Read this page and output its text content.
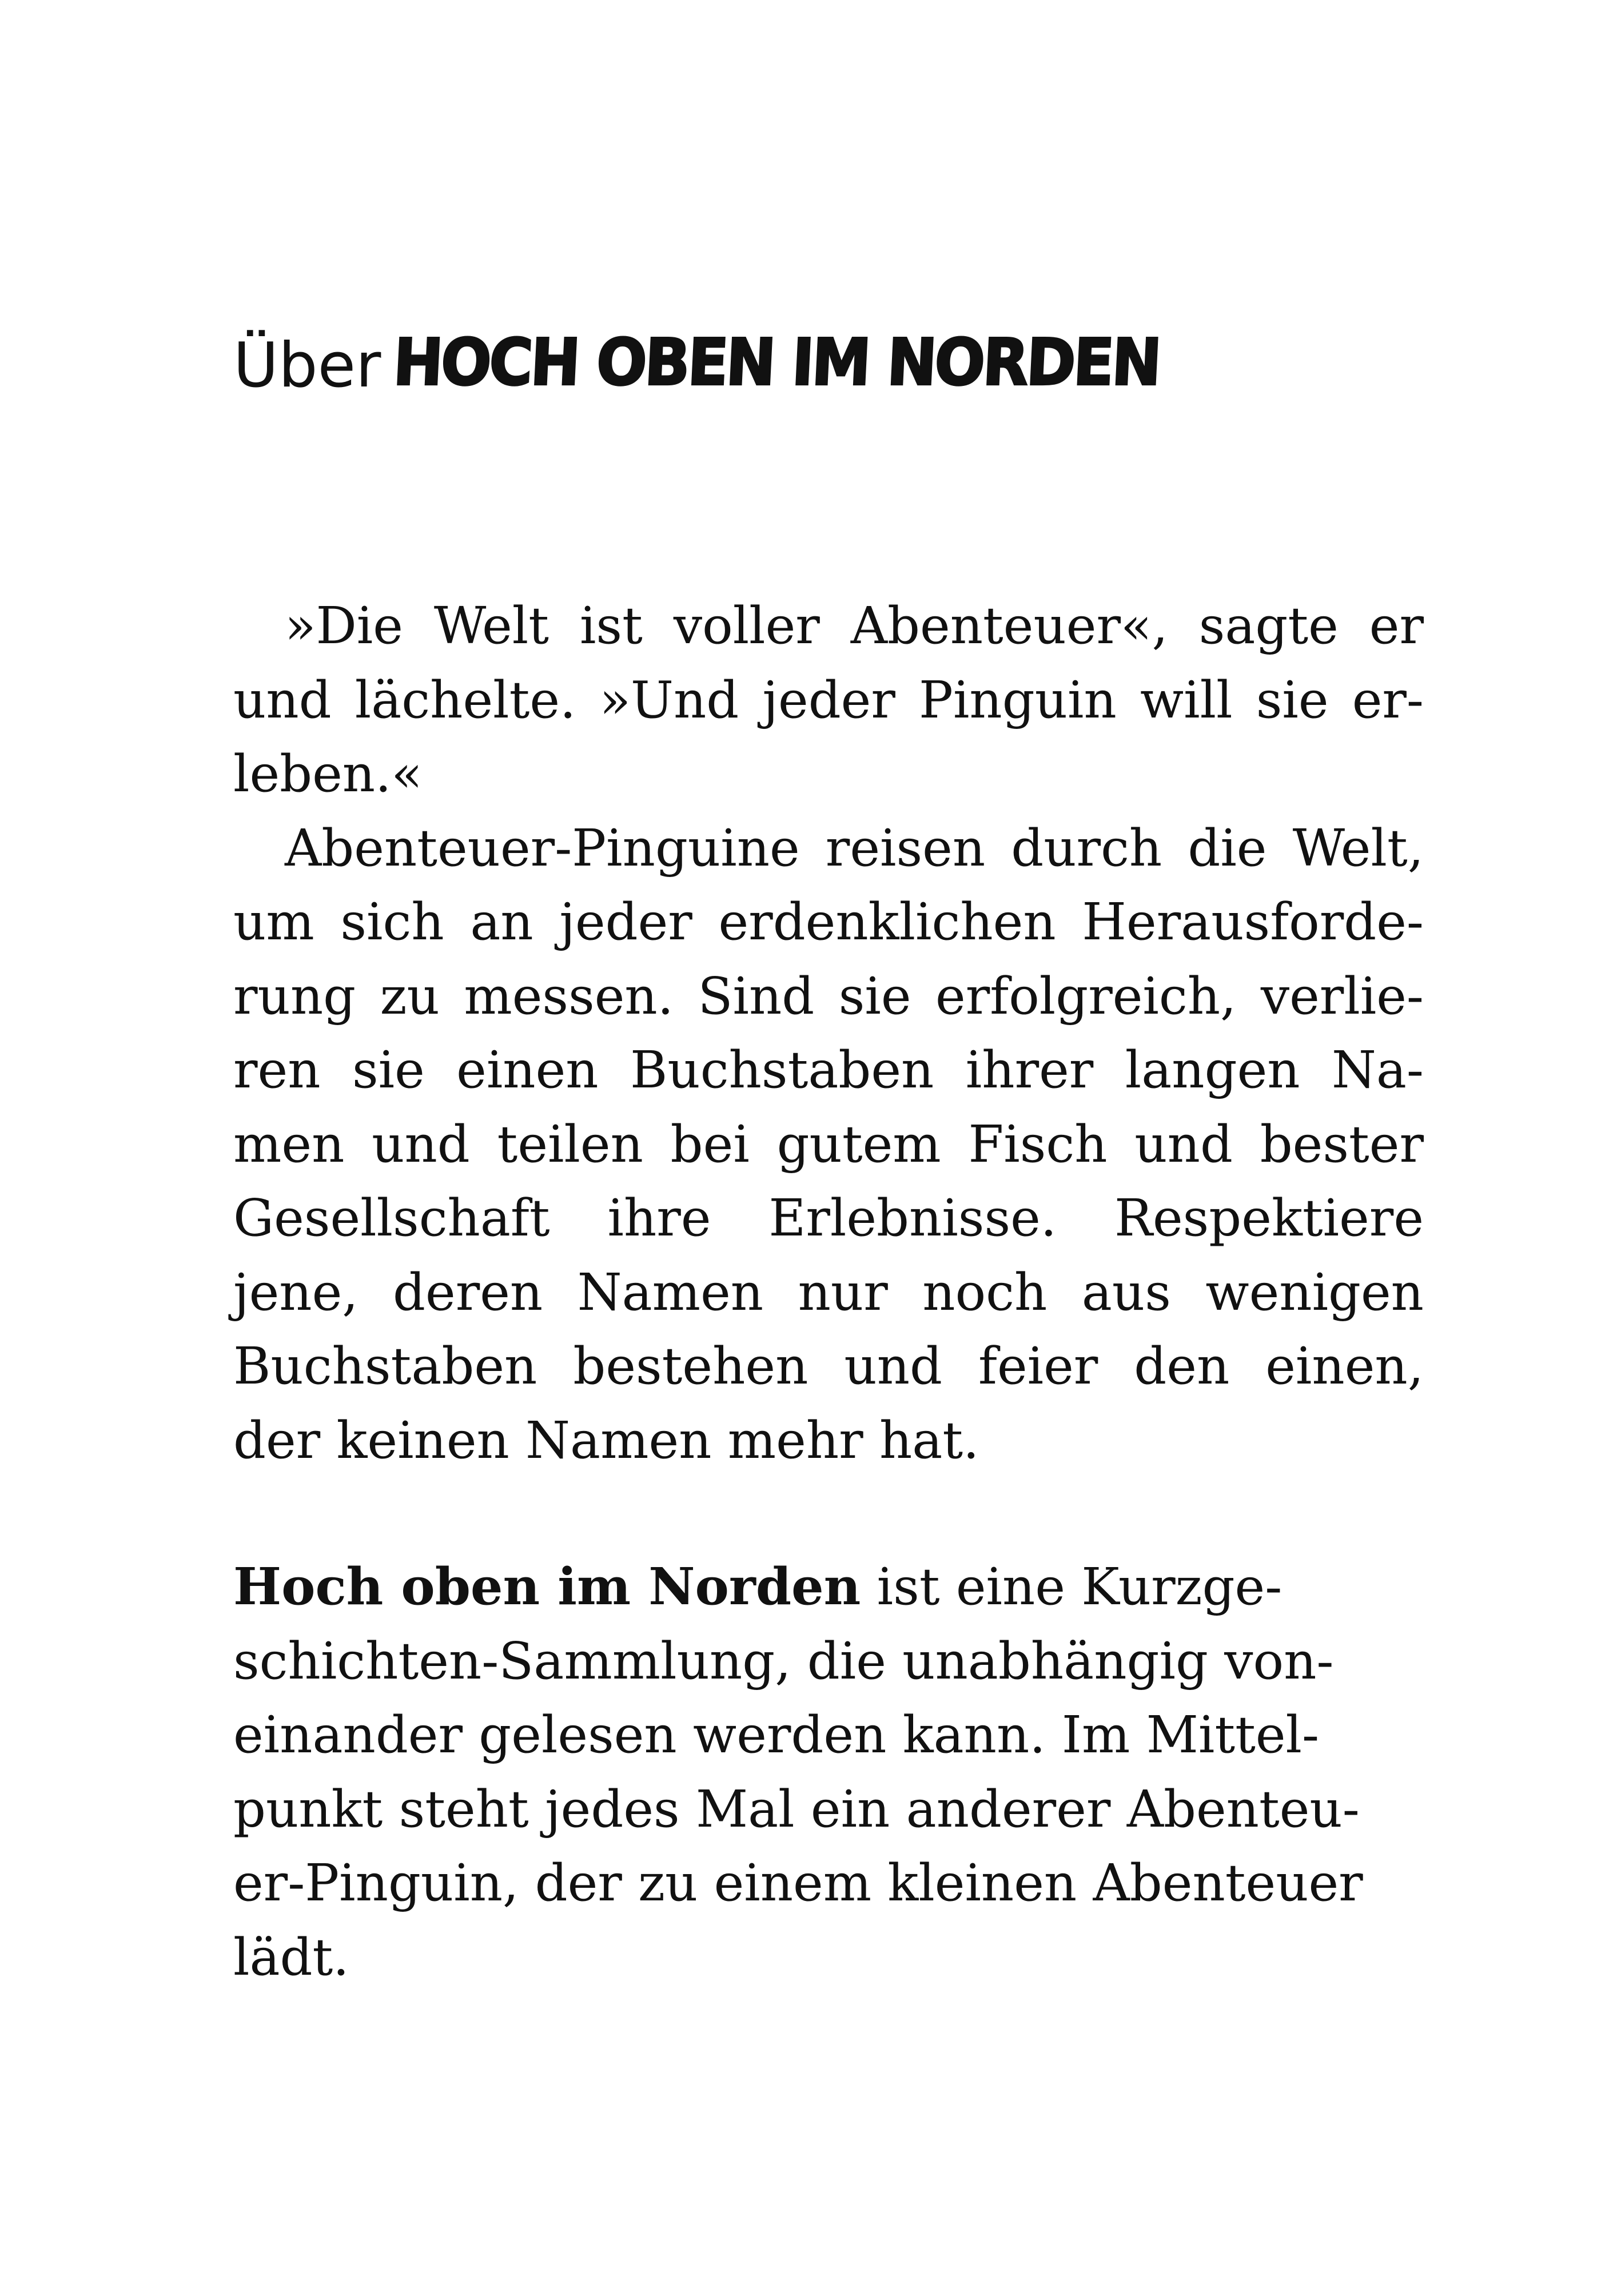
Über HOCH OBEN IM NORDEN
»Die Welt ist voller Abenteuer«, sagte er
und lächelte. »Und jeder Pinguin will sie er-
leben.«
Abenteuer-Pinguine reisen durch die Welt,
um sich an jeder erdenklichen Herausforde-
rung zu messen. Sind sie erfolgreich, verlie-
ren sie einen Buchstaben ihrer langen Na-
men und teilen bei gutem Fisch und bester
Gesellschaft ihre Erlebnisse. Respektiere
jene, deren Namen nur noch aus wenigen
Buchstaben bestehen und feier den einen,
der keinen Namen mehr hat.
Hoch oben im Norden ist eine Kurzge-
schichten-Sammlung, die unabhängig von-
einander gelesen werden kann. Im Mittel-
punkt steht jedes Mal ein anderer Abenteu-
er-Pinguin, der zu einem kleinen Abenteuer
lädt.
